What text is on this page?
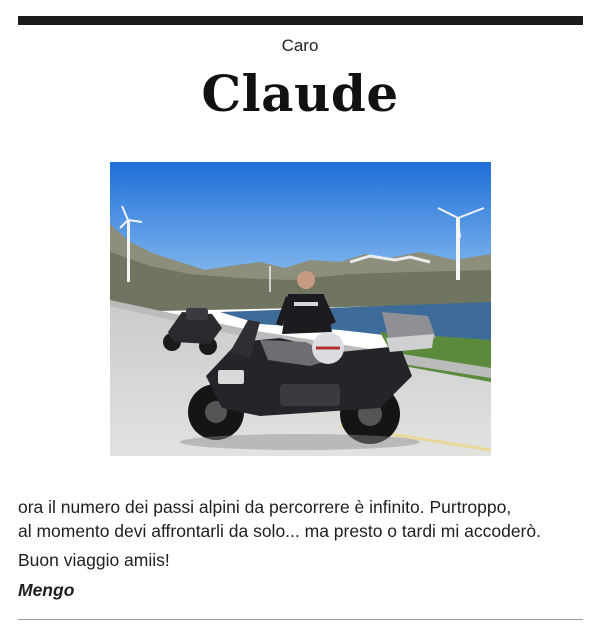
Caro
Claude

ora il numero dei passi alpini da percorrere è infinito. Purtroppo,

al momento devi affrontarli da solo... ma presto o tardi mi accoderò.

Buon viaggio amiis!
Mengo
